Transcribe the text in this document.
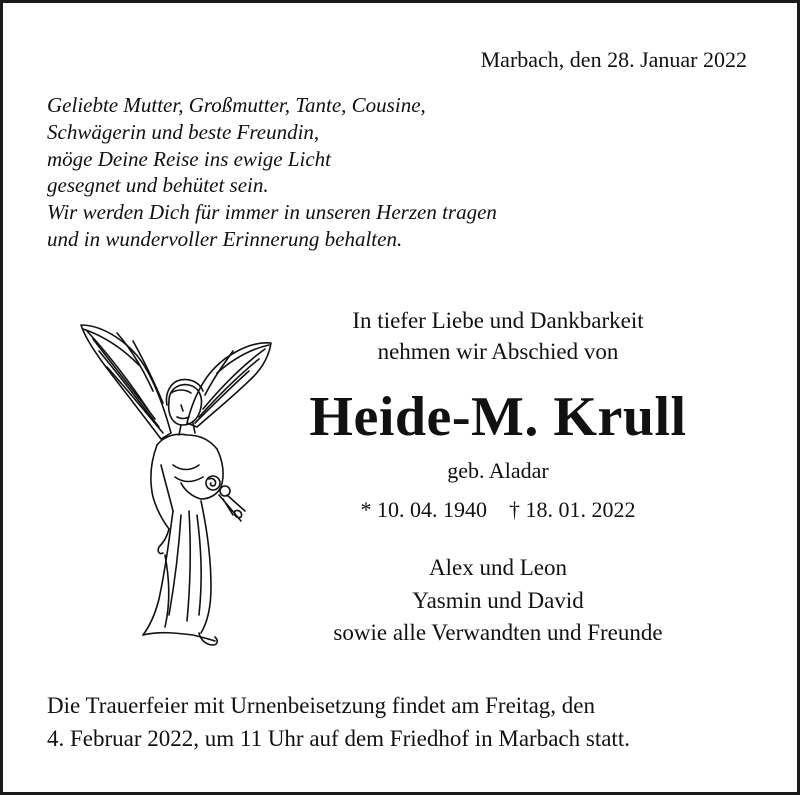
Marbach, den 28. Januar 2022
Geliebte Mutter, Großmutter, Tante, Cousine,
Schwägerin und beste Freundin,
möge Deine Reise ins ewige Licht
gesegnet und behütet sein.
Wir werden Dich für immer in unseren Herzen tragen
und in wundervoller Erinnerung behalten.
In tiefer Liebe und Dankbarkeit
nehmen wir Abschied von
Heide-M. Krull
geb. Aladar
* 10. 04. 1940 † 18. 01. 2022
Alex und Leon
Yasmin und David
sowie alle Verwandten und Freunde
Die Trauerfeier mit Urnenbeisetzung findet am Freitag, den
4. Februar 2022, um 11 Uhr auf dem Friedhof in Marbach statt.
